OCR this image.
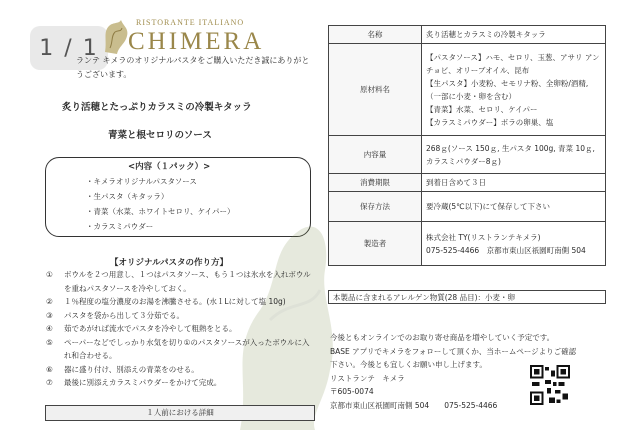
1 / 1
RISTORANTE ITALIANO
CHIMERA
ランテ キメラのオリジナルパスタをご購入いただき誠にありがとうございます。
炙り活穂とたっぷりカラスミの冷製キタッラ
青菜と根セロリのソース
<内容（１パック）>
・キメラオリジナルパスタソース
・生パスタ（キタッラ）
・青菜（水菜、ホワイトセロリ、ケイパー）
・カラスミパウダー
【オリジナルパスタの作り方】
①	ボウルを２つ用意し、１つはパスタソース、もう１つは氷水を入れボウルを重ねパスタソースを冷やしておく。
②	１％程度の塩分濃度のお湯を沸騰させる。(水１Lに対して塩 10g)
③	パスタを袋から出して３分茹でる。
④	茹であがれば流水でパスタを冷やして粗熱をとる。
⑤	ペーパーなどでしっかり水気を切り①のパスタソースが入ったボウルに入れ和合わせる。
⑥	器に盛り付け、別添えの青菜をのせる。
⑦	最後に別添えカラスミパウダーをかけて完成。
１人前における詳細
名称	炙り活穂とカラスミの冷製キタッラ
原材料名	【パスタソース】ハモ、セロリ、玉葱、アサリ アンチョビ、オリーブオイル、昆布
【生パスタ】小麦粉、セモリナ粉、全卵粉/酒精,（一部に小麦・卵を含む）
【青菜】水菜、セロリ、ケイパー
【カラスミパウダー】ボラの卵巣、塩
内容量	268ｇ(ソース 150ｇ, 生パスタ 100g, 青菜 10ｇ, カラスミパウダー8ｇ)
消費期限	到着日含めて３日
保存方法	要冷蔵(5℃以下)にて保存して下さい
製造者	株式会社 TY(リストランテキメラ)
075-525-4466　京都市東山区祇園町南側 504
本製品に含まれるアレルゲン物質(28 品目)：小麦・卵
今後ともオンラインでのお取り寄せ商品を増やしていく予定です。
BASE アプリでキメラをフォローして頂くか、当ホームページよりご確認
下さい。今後とも宜しくお願い申し上げます。
リストランテ　キメラ
〒605-0074
京都市東山区祇園町南側 504　　075-525-4466
